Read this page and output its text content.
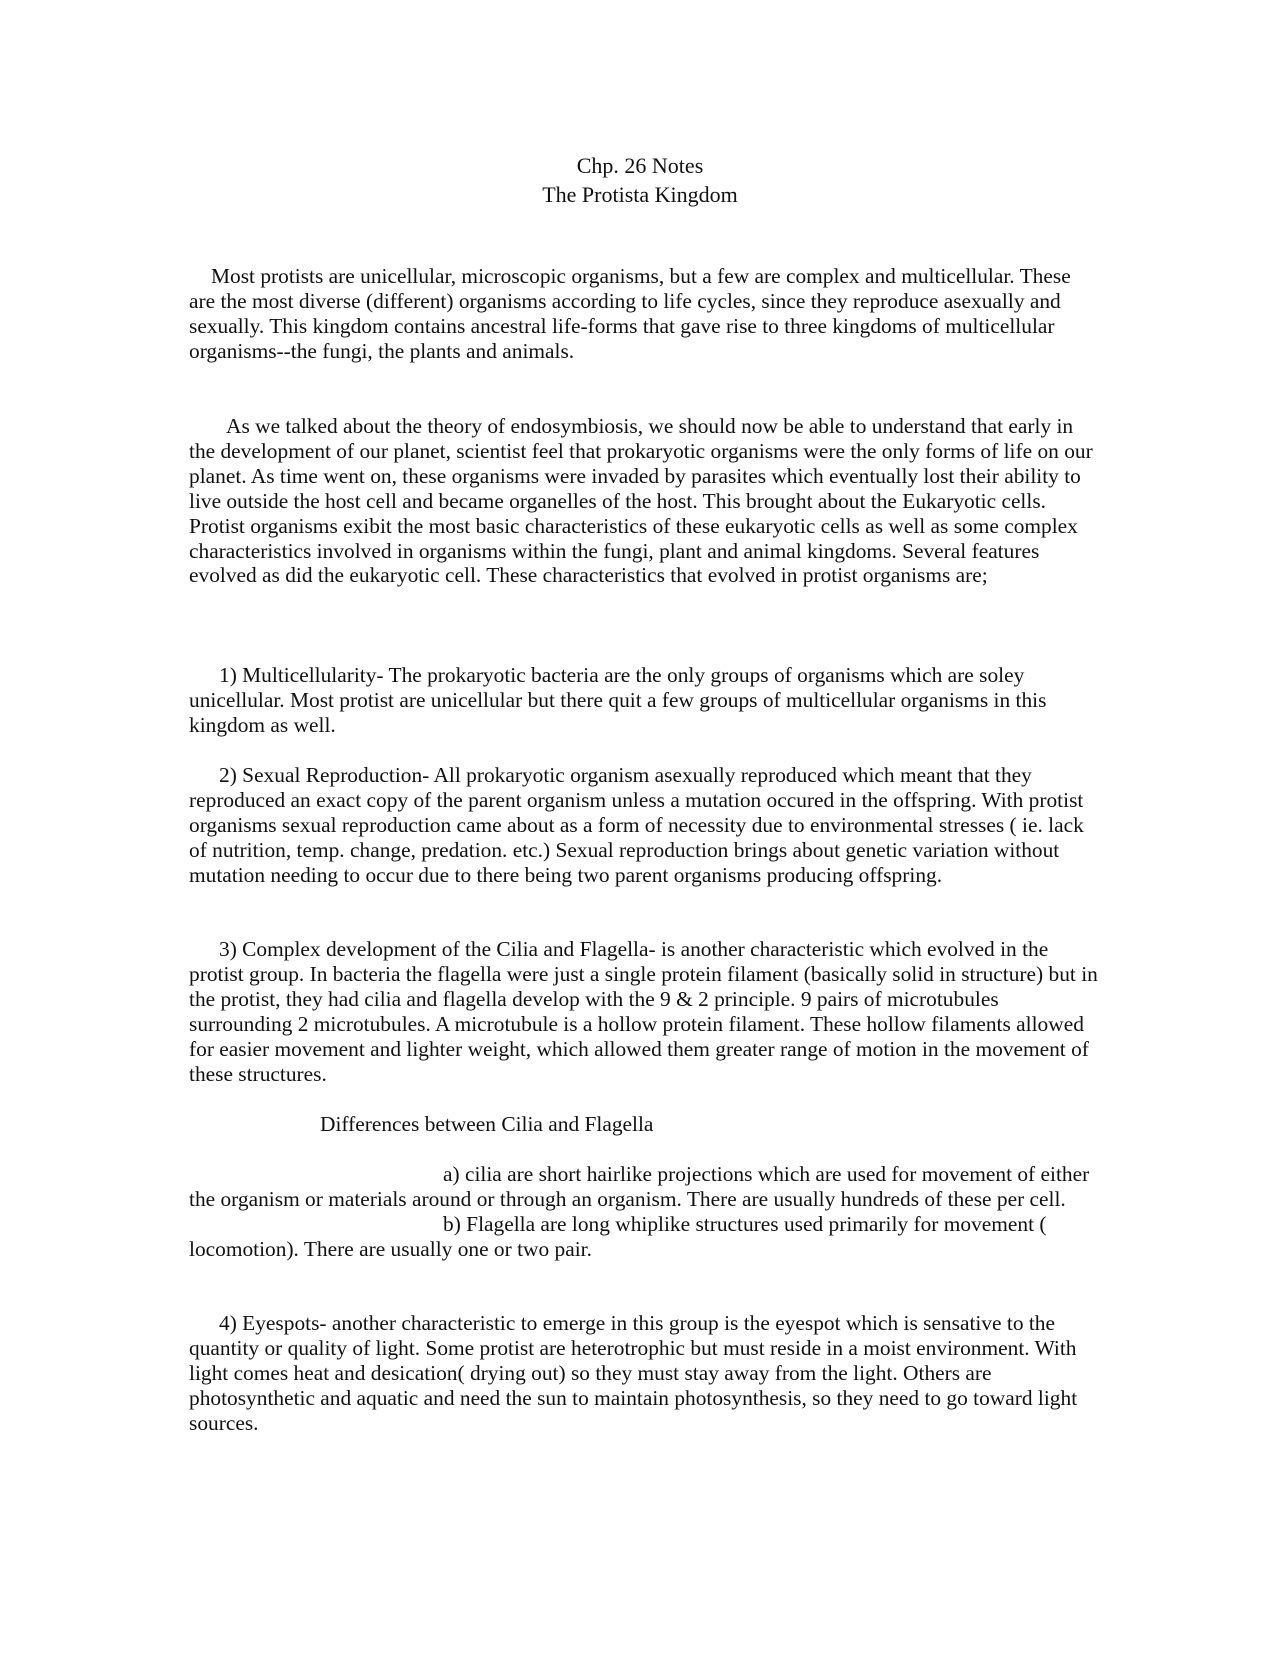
Chp. 26 Notes
The Protista Kingdom

Most protists are unicellular, microscopic organisms, but a few are complex and multicellular. These are the most diverse (different) organisms according to life cycles, since they reproduce asexually and sexually. This kingdom contains ancestral life-forms that gave rise to three kingdoms of multicellular organisms--the fungi, the plants and animals.

As we talked about the theory of endosymbiosis, we should now be able to understand that early in the development of our planet, scientist feel that prokaryotic organisms were the only forms of life on our planet. As time went on, these organisms were invaded by parasites which eventually lost their ability to live outside the host cell and became organelles of the host. This brought about the Eukaryotic cells. Protist organisms exibit the most basic characteristics of these eukaryotic cells as well as some complex characteristics involved in organisms within the fungi, plant and animal kingdoms. Several features evolved as did the eukaryotic cell. These characteristics that evolved in protist organisms are;

1) Multicellularity- The prokaryotic bacteria are the only groups of organisms which are soley unicellular. Most protist are unicellular but there quit a few groups of multicellular organisms in this kingdom as well.

2) Sexual Reproduction- All prokaryotic organism asexually reproduced which meant that they reproduced an exact copy of the parent organism unless a mutation occured in the offspring. With protist organisms sexual reproduction came about as a form of necessity due to environmental stresses ( ie. lack of nutrition, temp. change, predation. etc.) Sexual reproduction brings about genetic variation without mutation needing to occur due to there being two parent organisms producing offspring.

3) Complex development of the Cilia and Flagella- is another characteristic which evolved in the protist group. In bacteria the flagella were just a single protein filament (basically solid in structure) but in the protist, they had cilia and flagella develop with the 9 & 2 principle. 9 pairs of microtubules surrounding 2 microtubules. A microtubule is a hollow protein filament. These hollow filaments allowed for easier movement and lighter weight, which allowed them greater range of motion in the movement of these structures.

Differences between Cilia and Flagella

a) cilia are short hairlike projections which are used for movement of either the organism or materials around or through an organism. There are usually hundreds of these per cell.

b) Flagella are long whiplike structures used primarily for movement ( locomotion). There are usually one or two pair.

4) Eyespots- another characteristic to emerge in this group is the eyespot which is sensative to the quantity or quality of light. Some protist are heterotrophic but must reside in a moist environment. With light comes heat and desication( drying out) so they must stay away from the light. Others are photosynthetic and aquatic and need the sun to maintain photosynthesis, so they need to go toward light sources.
